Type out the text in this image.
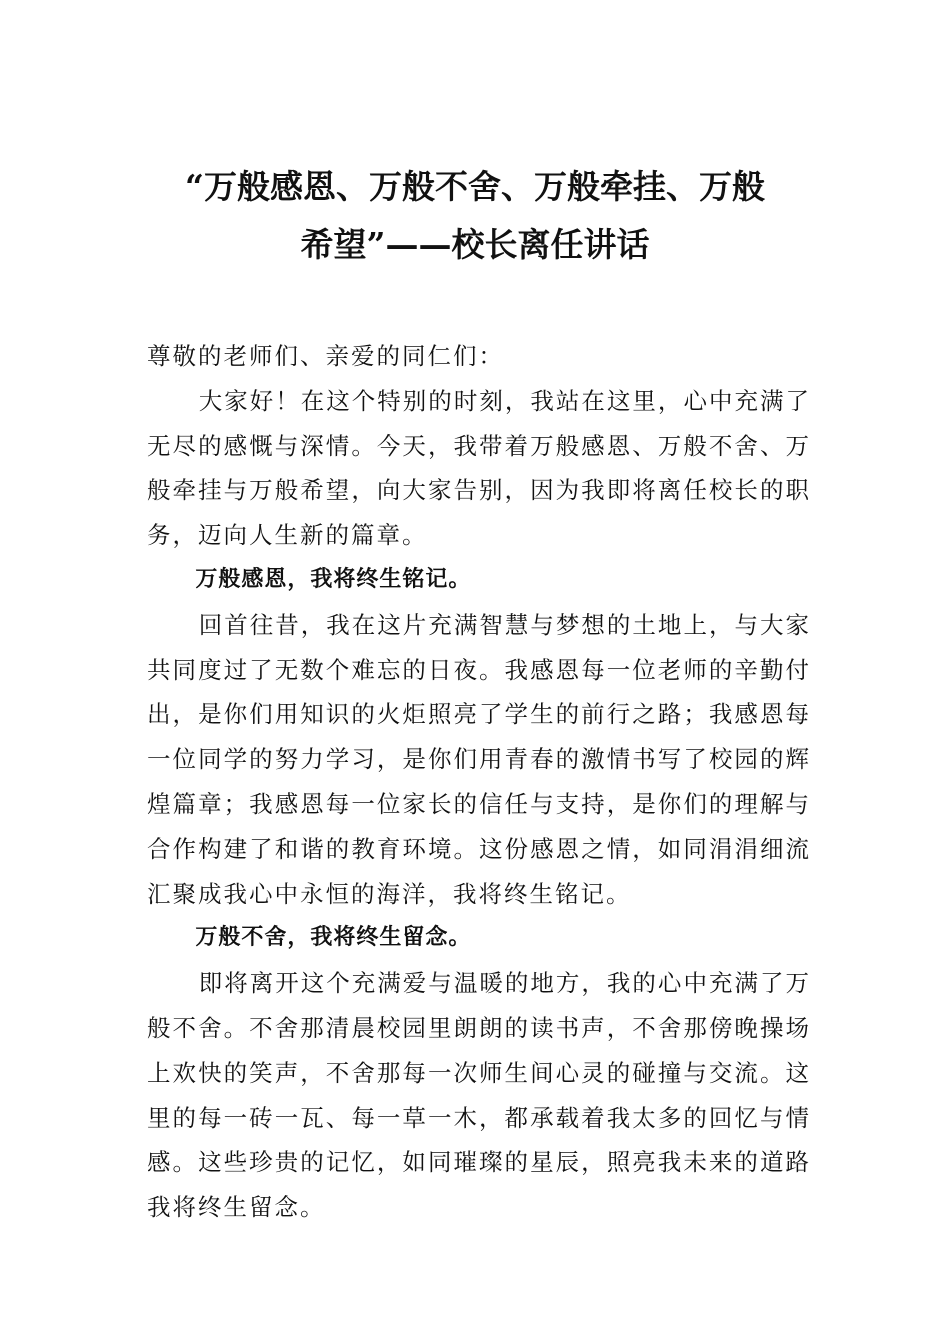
“万般感恩、万般不舍、万般牵挂、万般
希望”——校长离任讲话

尊敬的老师们、亲爱的同仁们：

大家好！在这个特别的时刻，我站在这里，心中充满了无尽的感慨与深情。今天，我带着万般感恩、万般不舍、万般牵挂与万般希望，向大家告别，因为我即将离任校长的职务，迈向人生新的篇章。

万般感恩，我将终生铭记。

回首往昔，我在这片充满智慧与梦想的土地上，与大家共同度过了无数个难忘的日夜。我感恩每一位老师的辛勤付出，是你们用知识的火炬照亮了学生的前行之路；我感恩每一位同学的努力学习，是你们用青春的激情书写了校园的辉煌篇章；我感恩每一位家长的信任与支持，是你们的理解与合作构建了和谐的教育环境。这份感恩之情，如同涓涓细流汇聚成我心中永恒的海洋，我将终生铭记。

万般不舍，我将终生留念。

即将离开这个充满爱与温暖的地方，我的心中充满了万般不舍。不舍那清晨校园里朗朗的读书声，不舍那傍晚操场上欢快的笑声，不舍那每一次师生间心灵的碰撞与交流。这里的每一砖一瓦、每一草一木，都承载着我太多的回忆与情感。这些珍贵的记忆，如同璀璨的星辰，照亮我未来的道路我将终生留念。
